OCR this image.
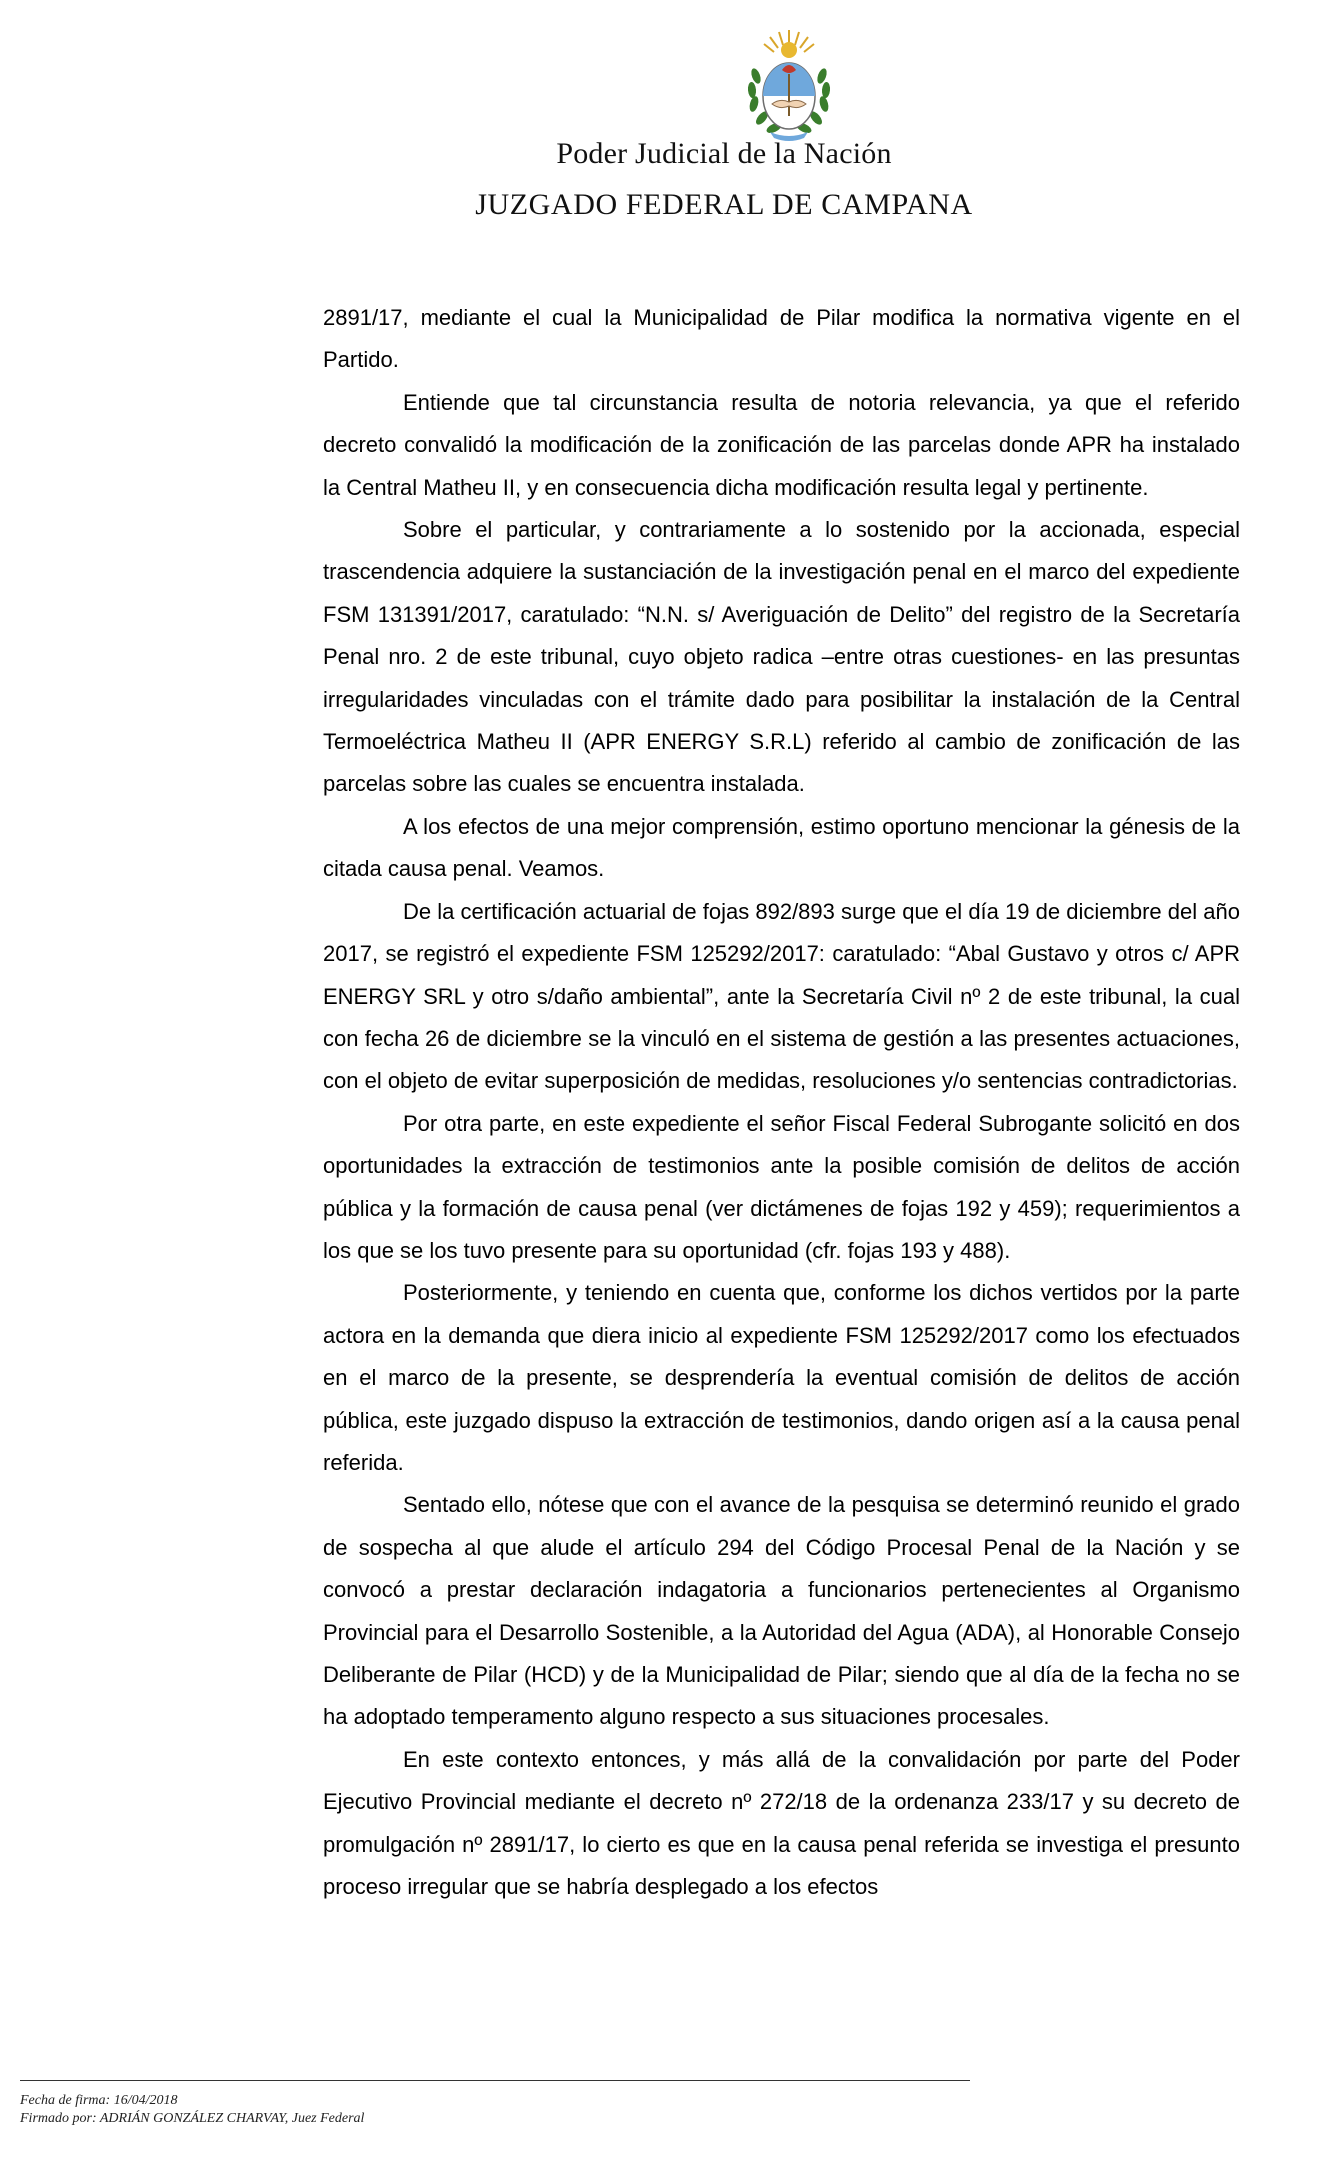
Poder Judicial de la Nación
JUZGADO FEDERAL DE CAMPANA

2891/17, mediante el cual la Municipalidad de Pilar modifica la normativa vigente en el Partido.

Entiende que tal circunstancia resulta de notoria relevancia, ya que el referido decreto convalidó la modificación de la zonificación de las parcelas donde APR ha instalado la Central Matheu II, y en consecuencia dicha modificación resulta legal y pertinente.

Sobre el particular, y contrariamente a lo sostenido por la accionada, especial trascendencia adquiere la sustanciación de la investigación penal en el marco del expediente FSM 131391/2017, caratulado: “N.N. s/ Averiguación de Delito” del registro de la Secretaría Penal nro. 2 de este tribunal, cuyo objeto radica –entre otras cuestiones- en las presuntas irregularidades vinculadas con el trámite dado para posibilitar la instalación de la Central Termoeléctrica Matheu II (APR ENERGY S.R.L) referido al cambio de zonificación de las parcelas sobre las cuales se encuentra instalada.

A los efectos de una mejor comprensión, estimo oportuno mencionar la génesis de la citada causa penal. Veamos.

De la certificación actuarial de fojas 892/893 surge que el día 19 de diciembre del año 2017, se registró el expediente FSM 125292/2017: caratulado: “Abal Gustavo y otros c/ APR ENERGY SRL y otro s/daño ambiental”, ante la Secretaría Civil nº 2 de este tribunal, la cual con fecha 26 de diciembre se la vinculó en el sistema de gestión a las presentes actuaciones, con el objeto de evitar superposición de medidas, resoluciones y/o sentencias contradictorias.

Por otra parte, en este expediente el señor Fiscal Federal Subrogante solicitó en dos oportunidades la extracción de testimonios ante la posible comisión de delitos de acción pública y la formación de causa penal (ver dictámenes de fojas 192 y 459); requerimientos a los que se los tuvo presente para su oportunidad (cfr. fojas 193 y 488).

Posteriormente, y teniendo en cuenta que, conforme los dichos vertidos por la parte actora en la demanda que diera inicio al expediente FSM 125292/2017 como los efectuados en el marco de la presente, se desprendería la eventual comisión de delitos de acción pública, este juzgado dispuso la extracción de testimonios, dando origen así a la causa penal referida.

Sentado ello, nótese que con el avance de la pesquisa se determinó reunido el grado de sospecha al que alude el artículo 294 del Código Procesal Penal de la Nación y se convocó a prestar declaración indagatoria a funcionarios pertenecientes al Organismo Provincial para el Desarrollo Sostenible, a la Autoridad del Agua (ADA), al Honorable Consejo Deliberante de Pilar (HCD) y de la Municipalidad de Pilar; siendo que al día de la fecha no se ha adoptado temperamento alguno respecto a sus situaciones procesales.

En este contexto entonces, y más allá de la convalidación por parte del Poder Ejecutivo Provincial mediante el decreto nº 272/18 de la ordenanza 233/17 y su decreto de promulgación nº 2891/17, lo cierto es que en la causa penal referida se investiga el presunto proceso irregular que se habría desplegado a los efectos

Fecha de firma: 16/04/2018
Firmado por: ADRIÁN GONZÁLEZ CHARVAY, Juez Federal
